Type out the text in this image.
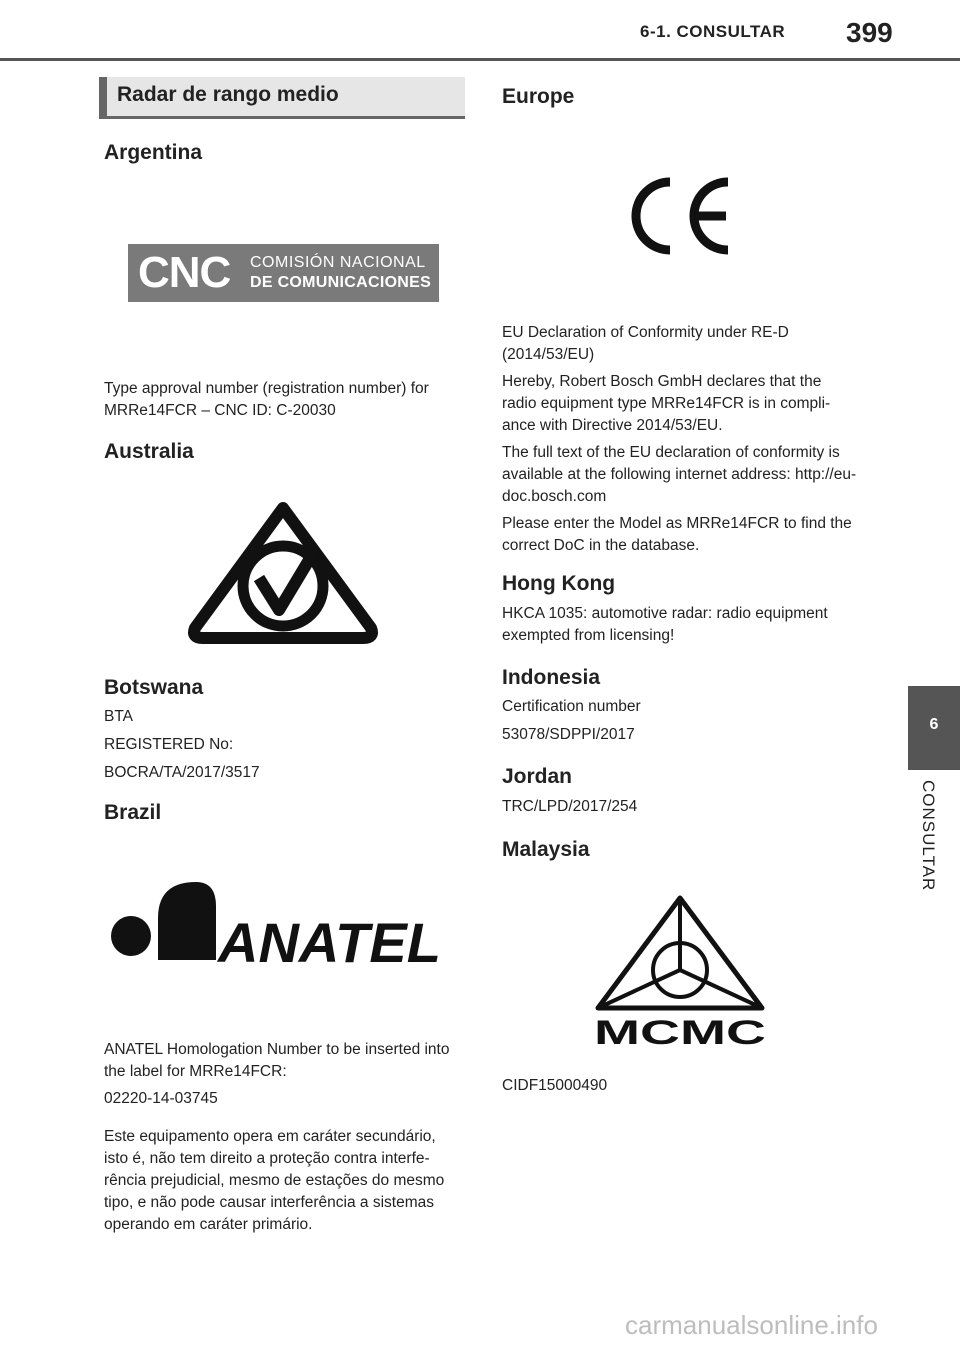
6-1. CONSULTAR 399
Radar de rango medio
Argentina
CNC COMISIÓN NACIONAL
DE COMUNICACIONES

Type approval number (registration number) for MRRe14FCR – CNC ID: C-20030

Australia
Botswana

BTA

REGISTERED No:

BOCRA/TA/2017/3517

Brazil
ANATEL

ANATEL Homologation Number to be inserted into the label for MRRe14FCR:

02220-14-03745

Este equipamento opera em caráter secundário, isto é, não tem direito a proteção contra interfe-rência prejudicial, mesmo de estações do mesmo tipo, e não pode causar interferência a sistemas operando em caráter primário.

Europe

EU Declaration of Conformity under RE-D (2014/53/EU)

Hereby, Robert Bosch GmbH declares that the radio equipment type MRRe14FCR is in compli-ance with Directive 2014/53/EU.

The full text of the EU declaration of conformity is available at the following internet address: http://eu-doc.bosch.com

Please enter the Model as MRRe14FCR to find the correct DoC in the database.

Hong Kong

HKCA 1035: automotive radar: radio equipment exempted from licensing!

Indonesia

Certification number

53078/SDPPI/2017

Jordan

TRC/LPD/2017/254

Malaysia
MCMC

CIDF15000490

6
CONSULTAR
carmanualsonline.info
